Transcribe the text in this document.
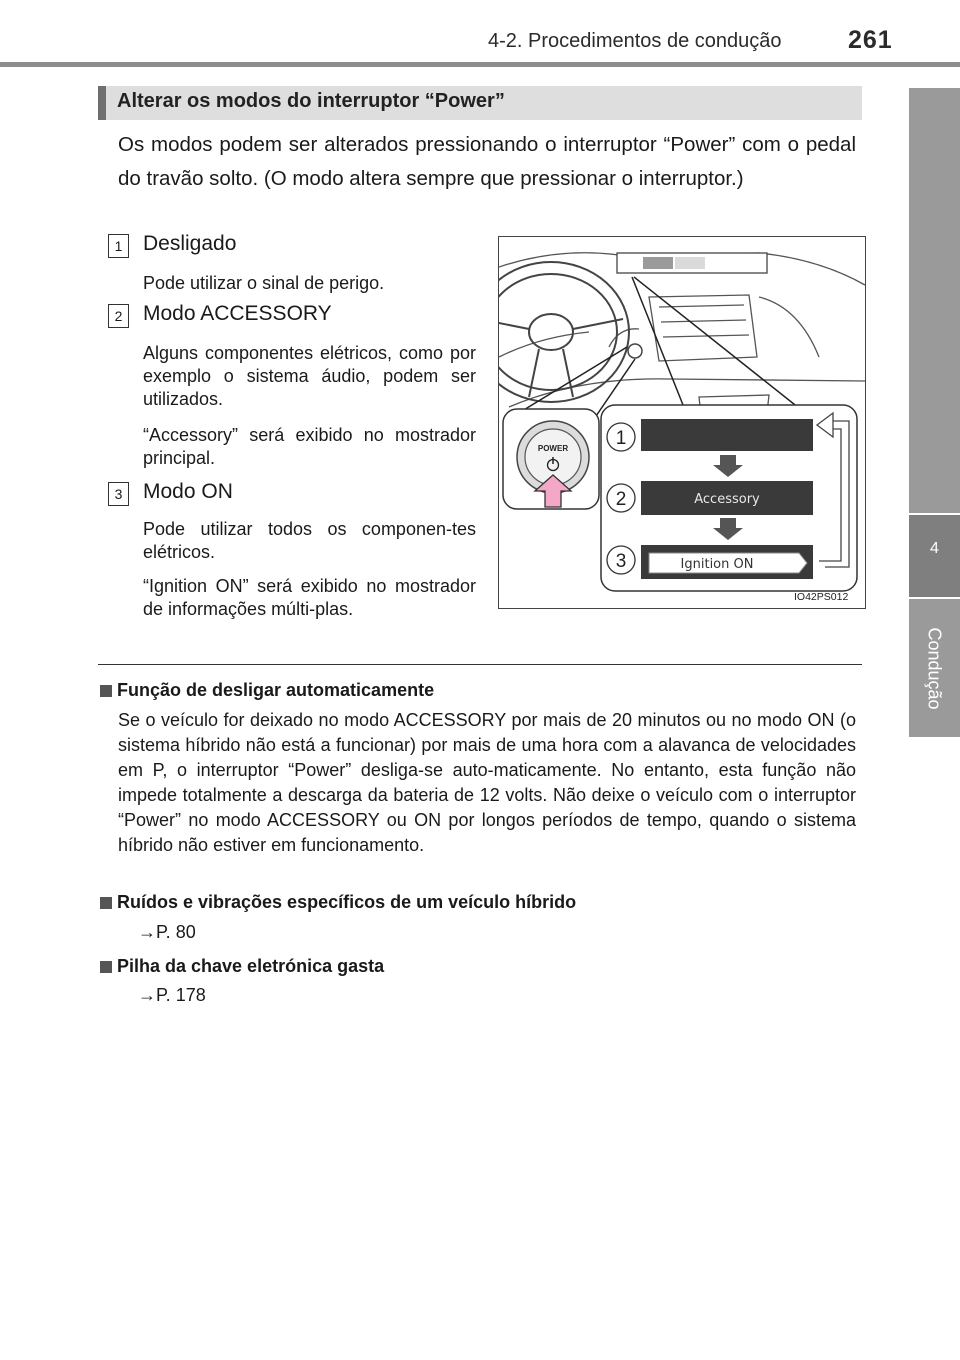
4-2. Procedimentos de condução	261
4
Condução
Alterar os modos do interruptor “Power”
Os modos podem ser alterados pressionando o interruptor “Power” com o pedal do travão solto. (O modo altera sempre que pressionar o interruptor.)
1 Desligado
Pode utilizar o sinal de perigo.
2 Modo ACCESSORY
Alguns componentes elétricos, como por exemplo o sistema áudio, podem ser utilizados.
“Accessory” será exibido no mostrador principal.
3 Modo ON
Pode utilizar todos os componen-tes elétricos.
“Ignition ON” será exibido no mostrador de informações múlti-plas.
POWER	1
2
3
Accessory
Ignition ON
IO42PS012
Função de desligar automaticamente
Se o veículo for deixado no modo ACCESSORY por mais de 20 minutos ou no modo ON (o sistema híbrido não está a funcionar) por mais de uma hora com a alavanca de velocidades em P, o interruptor “Power” desliga-se auto-maticamente. No entanto, esta função não impede totalmente a descarga da bateria de 12 volts. Não deixe o veículo com o interruptor “Power” no modo ACCESSORY ou ON por longos períodos de tempo, quando o sistema híbrido não estiver em funcionamento.
Ruídos e vibrações específicos de um veículo híbrido
→P. 80
Pilha da chave eletrónica gasta
→P. 178
